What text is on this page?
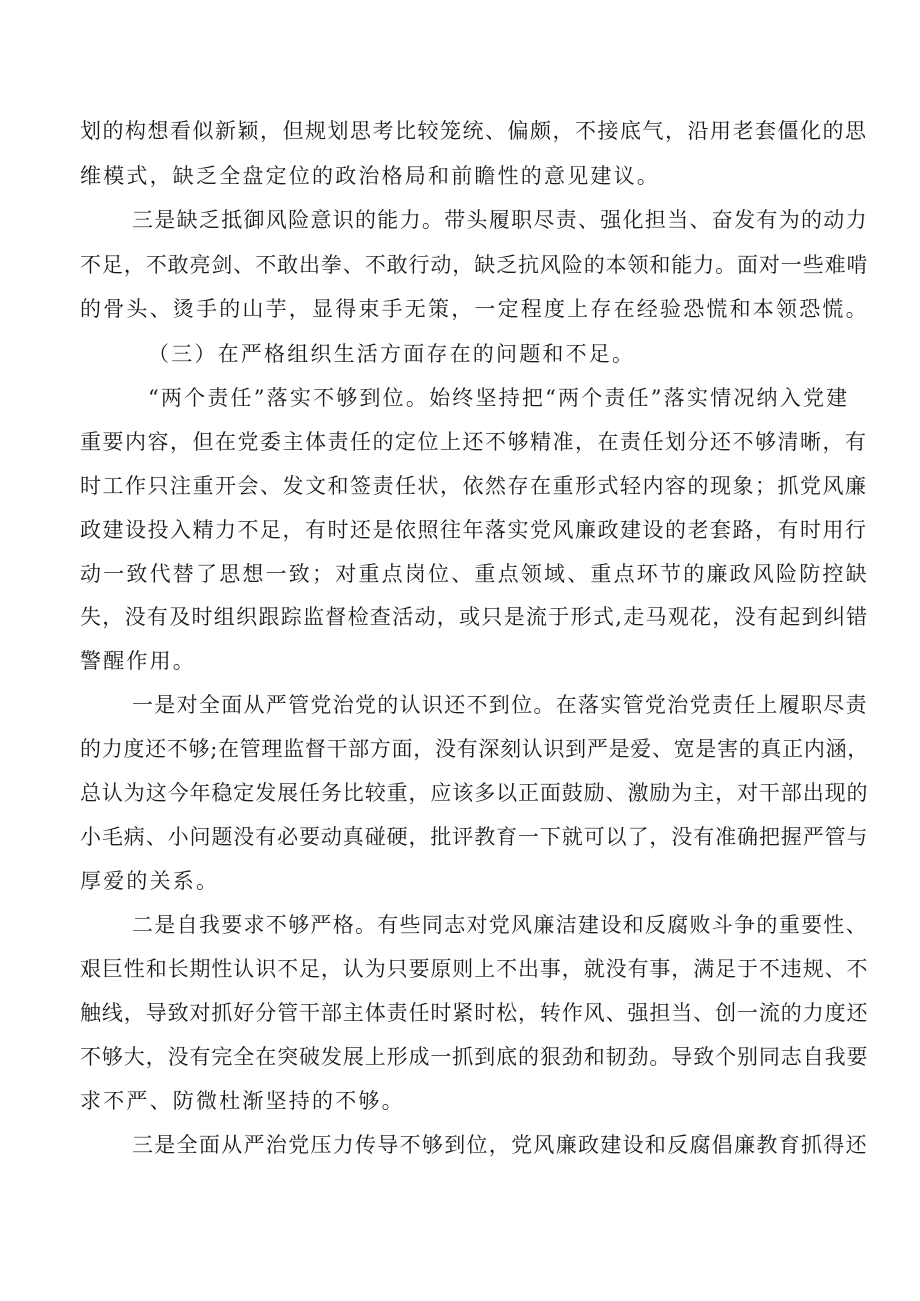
划的构想看似新颖，但规划思考比较笼统、偏颇，不接底气，沿用老套僵化的思

维模式，缺乏全盘定位的政治格局和前瞻性的意见建议。

三是缺乏抵御风险意识的能力。带头履职尽责、强化担当、奋发有为的动力

不足，不敢亮剑、不敢出拳、不敢行动，缺乏抗风险的本领和能力。面对一些难啃

的骨头、烫手的山芋，显得束手无策，一定程度上存在经验恐慌和本领恐慌。

（三）在严格组织生活方面存在的问题和不足。

“两个责任”落实不够到位。始终坚持把“两个责任”落实情况纳入党建

重要内容，但在党委主体责任的定位上还不够精准，在责任划分还不够清晰，有

时工作只注重开会、发文和签责任状，依然存在重形式轻内容的现象；抓党风廉

政建设投入精力不足，有时还是依照往年落实党风廉政建设的老套路，有时用行

动一致代替了思想一致；对重点岗位、重点领域、重点环节的廉政风险防控缺

失，没有及时组织跟踪监督检查活动，或只是流于形式,走马观花，没有起到纠错

警醒作用。

一是对全面从严管党治党的认识还不到位。在落实管党治党责任上履职尽责

的力度还不够;在管理监督干部方面，没有深刻认识到严是爱、宽是害的真正内涵，

总认为这今年稳定发展任务比较重，应该多以正面鼓励、激励为主，对干部出现的

小毛病、小问题没有必要动真碰硬，批评教育一下就可以了，没有准确把握严管与

厚爱的关系。

二是自我要求不够严格。有些同志对党风廉洁建设和反腐败斗争的重要性、

艰巨性和长期性认识不足，认为只要原则上不出事，就没有事，满足于不违规、不

触线，导致对抓好分管干部主体责任时紧时松，转作风、强担当、创一流的力度还

不够大，没有完全在突破发展上形成一抓到底的狠劲和韧劲。导致个别同志自我要

求不严、防微杜渐坚持的不够。

三是全面从严治党压力传导不够到位，党风廉政建设和反腐倡廉教育抓得还
